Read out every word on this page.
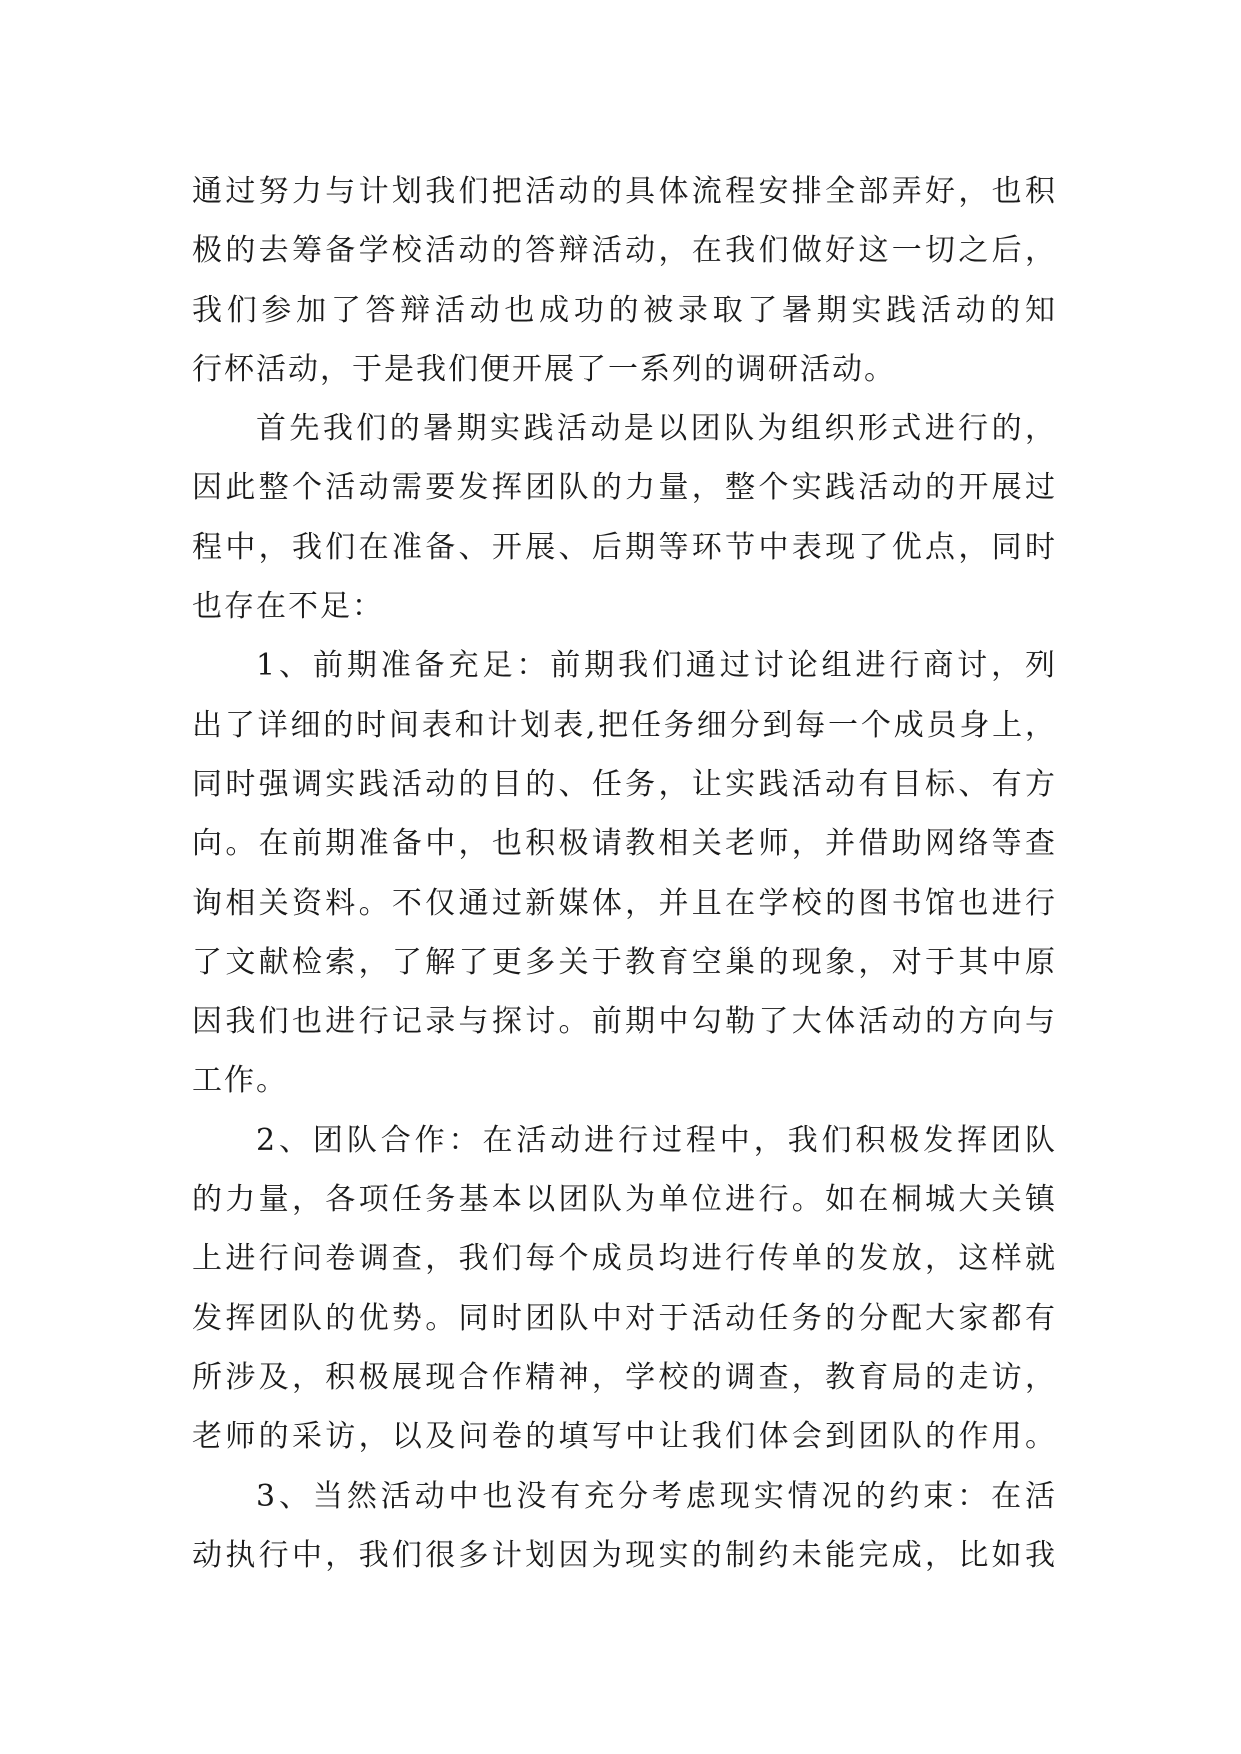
通过努力与计划我们把活动的具体流程安排全部弄好，也积
极的去筹备学校活动的答辩活动，在我们做好这一切之后，
我们参加了答辩活动也成功的被录取了暑期实践活动的知
行杯活动，于是我们便开展了一系列的调研活动。
首先我们的暑期实践活动是以团队为组织形式进行的，
因此整个活动需要发挥团队的力量，整个实践活动的开展过
程中，我们在准备、开展、后期等环节中表现了优点，同时
也存在不足：
1、前期准备充足：前期我们通过讨论组进行商讨，列
出了详细的时间表和计划表,把任务细分到每一个成员身上，
同时强调实践活动的目的、任务，让实践活动有目标、有方
向。在前期准备中，也积极请教相关老师，并借助网络等查
询相关资料。不仅通过新媒体，并且在学校的图书馆也进行
了文献检索，了解了更多关于教育空巢的现象，对于其中原
因我们也进行记录与探讨。前期中勾勒了大体活动的方向与
工作。
2、团队合作：在活动进行过程中，我们积极发挥团队
的力量，各项任务基本以团队为单位进行。如在桐城大关镇
上进行问卷调查，我们每个成员均进行传单的发放，这样就
发挥团队的优势。同时团队中对于活动任务的分配大家都有
所涉及，积极展现合作精神，学校的调查，教育局的走访，
老师的采访，以及问卷的填写中让我们体会到团队的作用。
3、当然活动中也没有充分考虑现实情况的约束：在活
动执行中，我们很多计划因为现实的制约未能完成，比如我
